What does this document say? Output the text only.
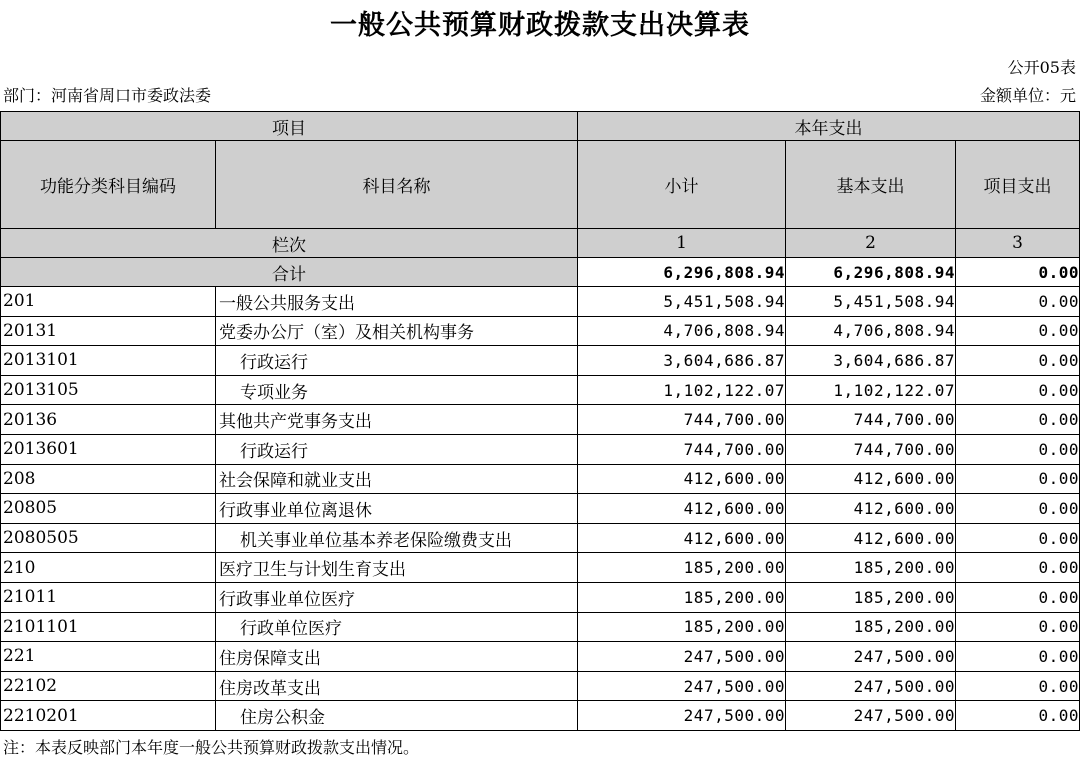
一般公共预算财政拨款支出决算表
公开05表
部门：河南省周口市委政法委	金额单位：元
项目		本年支出		
功能分类科目编码	科目名称	小计	基本支出	项目支出
栏次		1	2	3
合计		6,296,808.94	6,296,808.94	0.00
201	一般公共服务支出	5,451,508.94	5,451,508.94	0.00
20131	党委办公厅（室）及相关机构事务	4,706,808.94	4,706,808.94	0.00
2013101	行政运行	3,604,686.87	3,604,686.87	0.00
2013105	专项业务	1,102,122.07	1,102,122.07	0.00
20136	其他共产党事务支出	744,700.00	744,700.00	0.00
2013601	行政运行	744,700.00	744,700.00	0.00
208	社会保障和就业支出	412,600.00	412,600.00	0.00
20805	行政事业单位离退休	412,600.00	412,600.00	0.00
2080505	机关事业单位基本养老保险缴费支出	412,600.00	412,600.00	0.00
210	医疗卫生与计划生育支出	185,200.00	185,200.00	0.00
21011	行政事业单位医疗	185,200.00	185,200.00	0.00
2101101	行政单位医疗	185,200.00	185,200.00	0.00
221	住房保障支出	247,500.00	247,500.00	0.00
22102	住房改革支出	247,500.00	247,500.00	0.00
2210201	住房公积金	247,500.00	247,500.00	0.00
注：本表反映部门本年度一般公共预算财政拨款支出情况。
